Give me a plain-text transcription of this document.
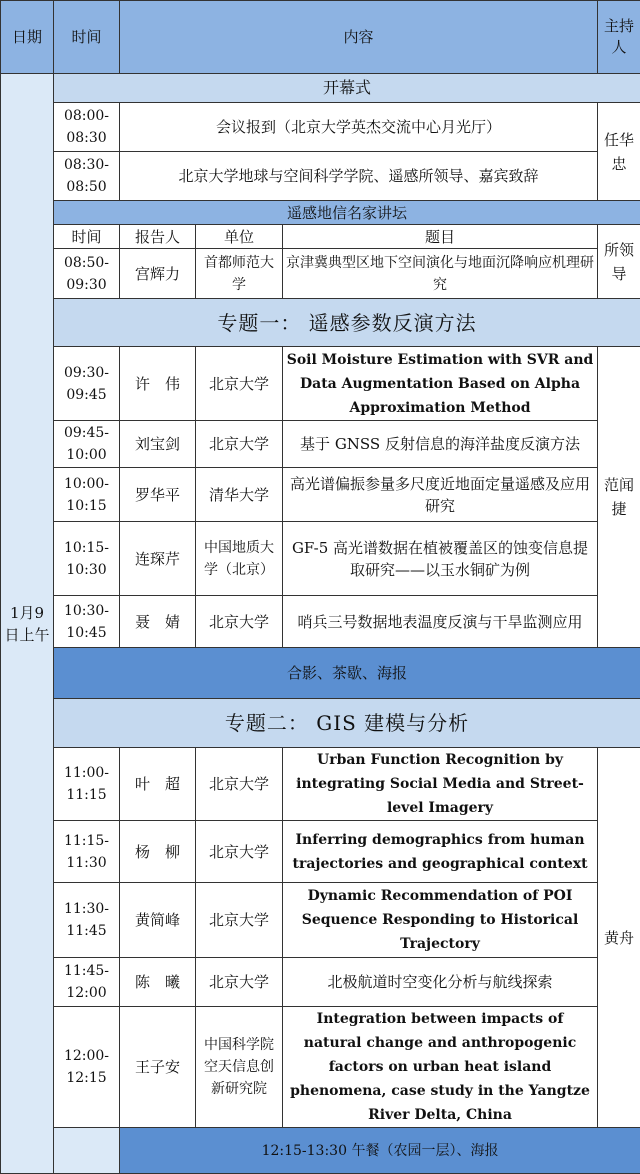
日期	时间	内容			主持人
1月9日上午	开幕式				
	08:00-08:30	会议报到（北京大学英杰交流中心月光厅）			任华忠
	08:30-08:50	北京大学地球与空间科学学院、遥感所领导、嘉宾致辞			
	遥感地信名家讲坛				
	时间	报告人	单位	题目	所领导
	08:50-09:30	宫辉力	首都师范大学	京津冀典型区地下空间演化与地面沉降响应机理研究	
	专题一： 遥感参数反演方法				
	09:30-09:45	许　伟	北京大学	Soil Moisture Estimation with SVR and Data Augmentation Based on Alpha Approximation Method	范闻捷
	09:45-10:00	刘宝剑	北京大学	基于 GNSS 反射信息的海洋盐度反演方法	
	10:00-10:15	罗华平	清华大学	高光谱偏振参量多尺度近地面定量遥感及应用研究	
	10:15-10:30	连琛芹	中国地质大学（北京）	GF-5 高光谱数据在植被覆盖区的蚀变信息提取研究——以玉水铜矿为例	
	10:30-10:45	聂　婧	北京大学	哨兵三号数据地表温度反演与干旱监测应用	
	合影、茶歇、海报				
	专题二： GIS 建模与分析				
	11:00-11:15	叶　超	北京大学	Urban Function Recognition by integrating Social Media and Street-level Imagery	黄舟
	11:15-11:30	杨　柳	北京大学	Inferring demographics from human trajectories and geographical context	
	11:30-11:45	黄简峰	北京大学	Dynamic Recommendation of POI Sequence Responding to Historical Trajectory	
	11:45-12:00	陈　曦	北京大学	北极航道时空变化分析与航线探索	
	12:00-12:15	王子安	中国科学院空天信息创新研究院	Integration between impacts of natural change and anthropogenic factors on urban heat island phenomena, case study in the Yangtze River Delta, China	
		12:15-13:30 午餐（农园一层）、海报			
